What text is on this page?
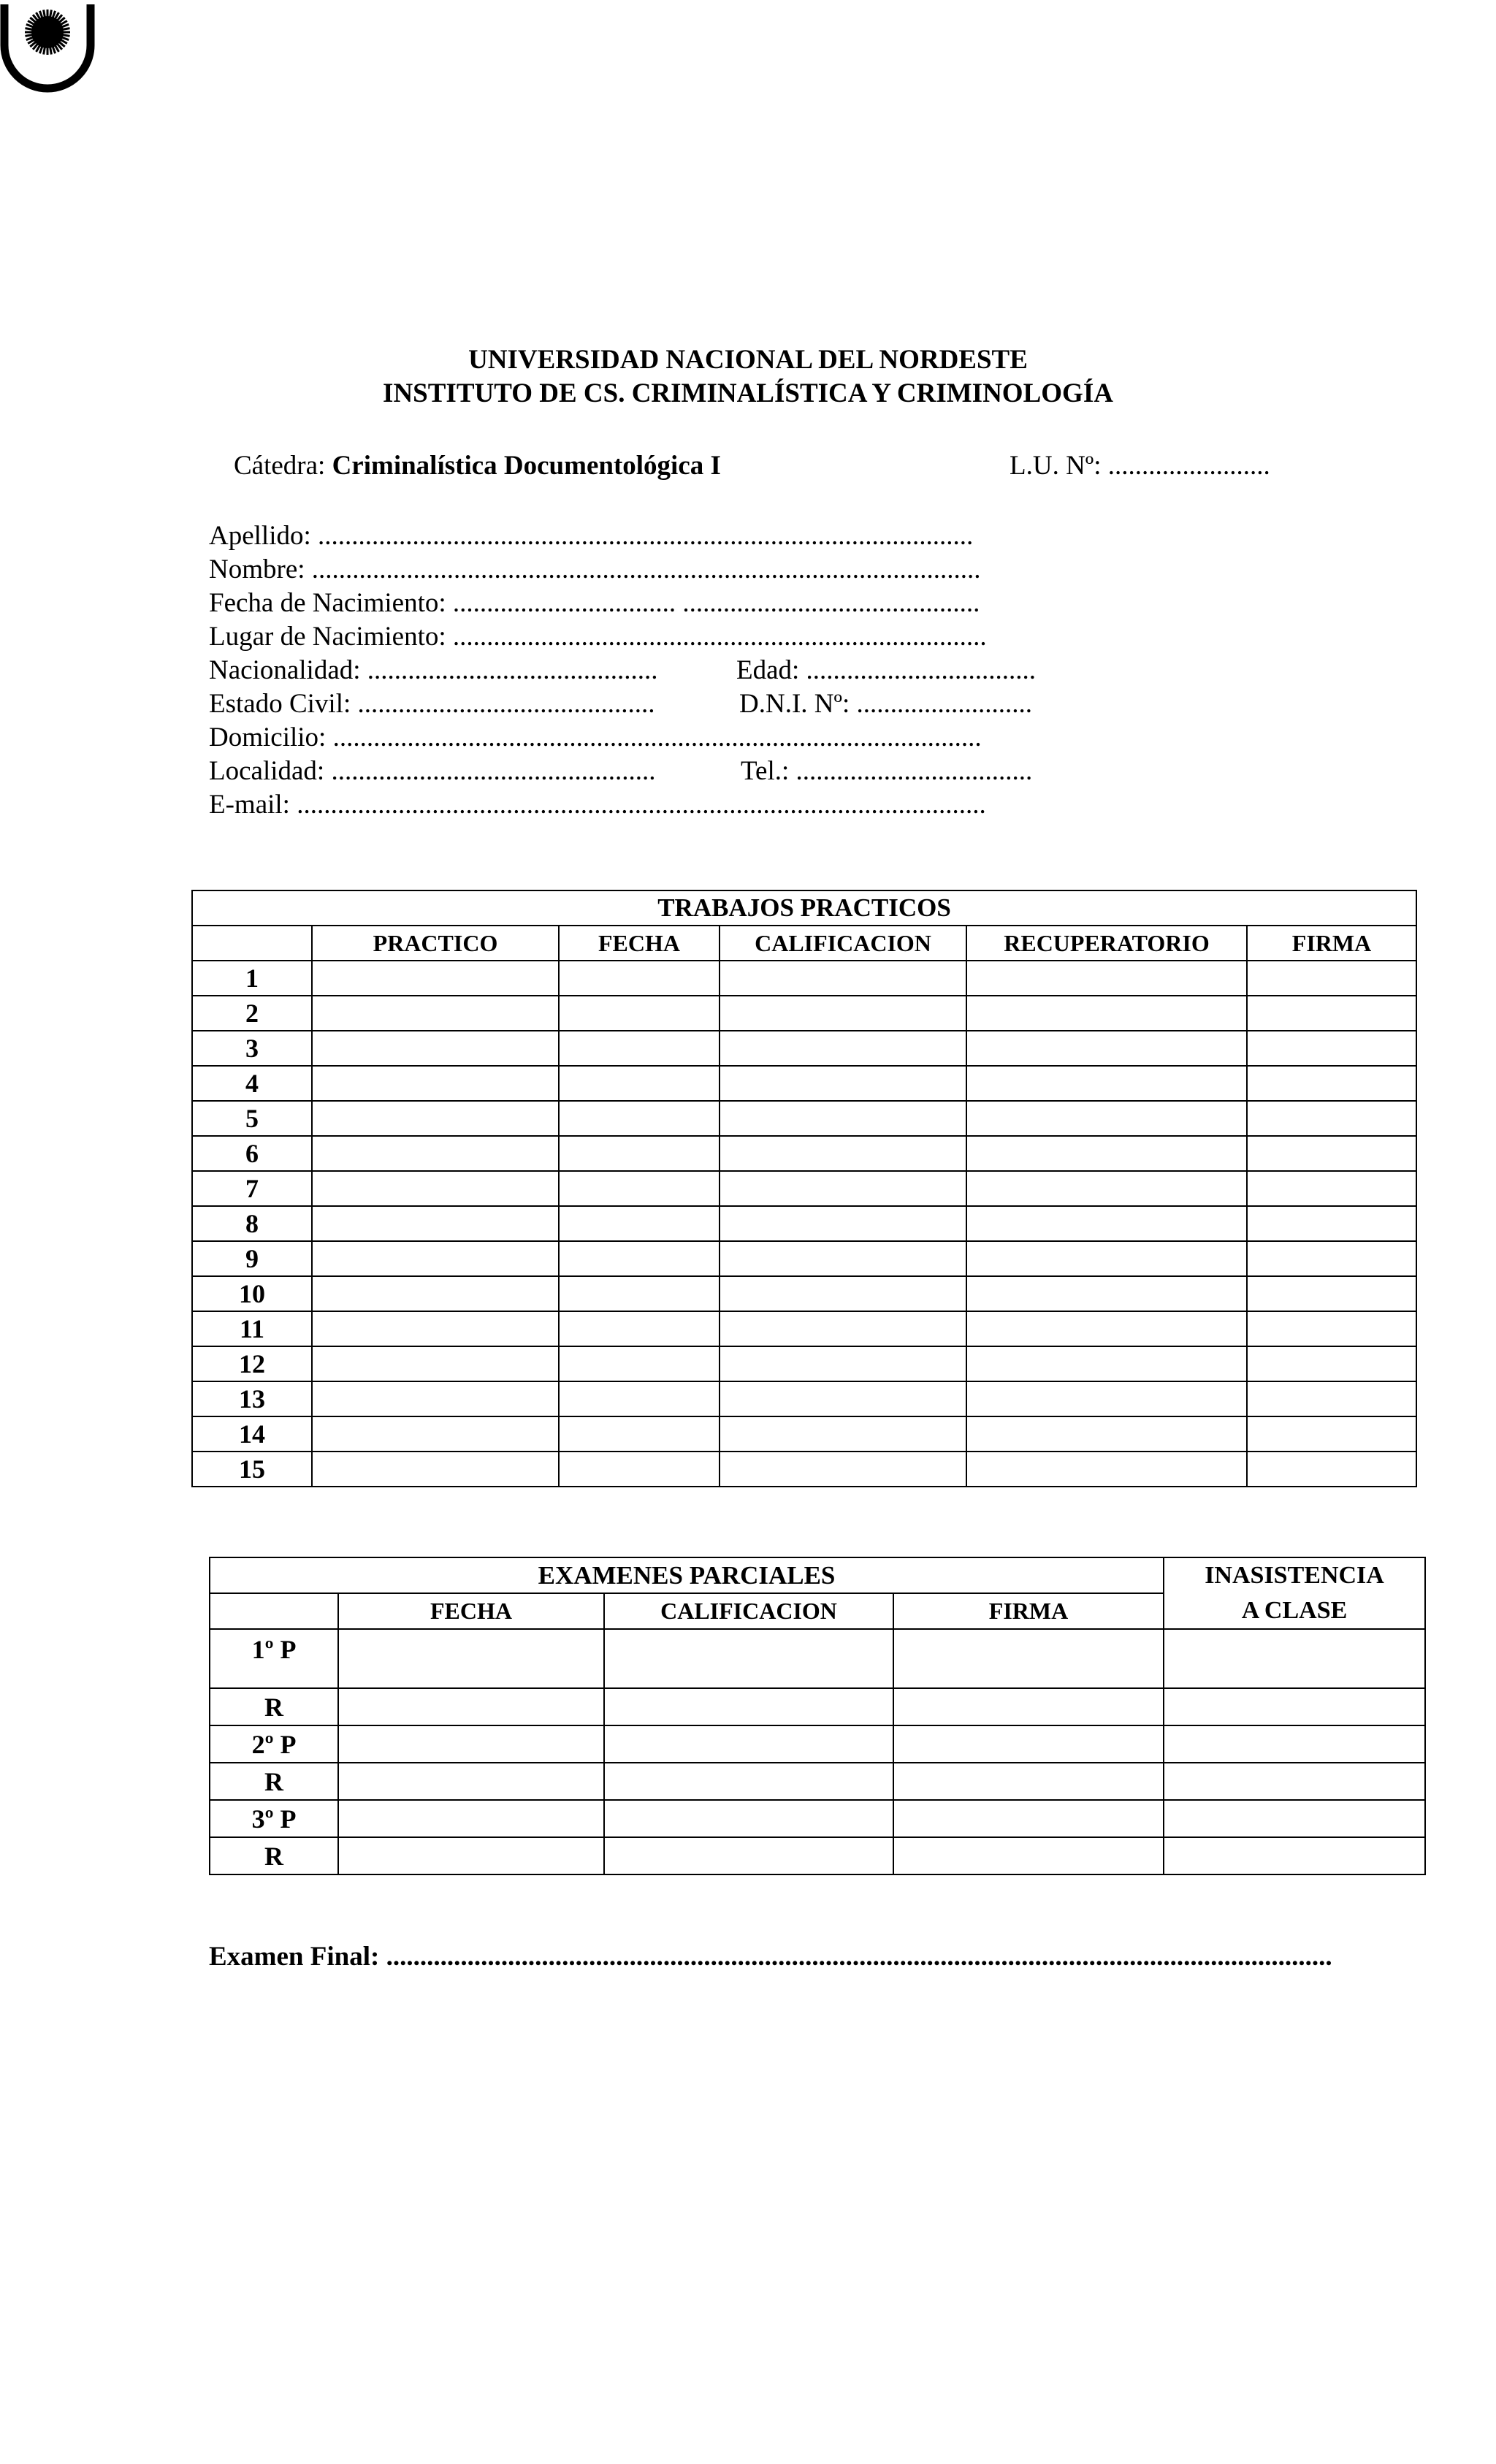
UNIVERSIDAD NACIONAL DEL NORDESTE
INSTITUTO DE CS. CRIMINALÍSTICA Y CRIMINOLOGÍA
Cátedra: Criminalística Documentológica I	L.U. Nº: ........................
Apellido: .................................................................................................
Nombre: ...................................................................................................
Fecha de Nacimiento: ................................. ............................................
Lugar de Nacimiento: ...............................................................................
Nacionalidad: ...........................................	Edad: ..................................
Estado Civil: ............................................	D.N.I. Nº: ..........................
Domicilio: ................................................................................................
Localidad: ................................................	Tel.: ...................................
E-mail: ......................................................................................................
TRABAJOS PRACTICOS					
	PRACTICO	FECHA	CALIFICACION	RECUPERATORIO	FIRMA
1					
2					
3					
4					
5					
6					
7					
8					
9					
10					
11					
12					
13					
14					
15					
EXAMENES PARCIALES				INASISTENCIA
A CLASE
	FECHA	CALIFICACION	FIRMA	
1º P				
R				
2º P				
R				
3º P				
R				
Examen Final: ............................................................................................................................................
